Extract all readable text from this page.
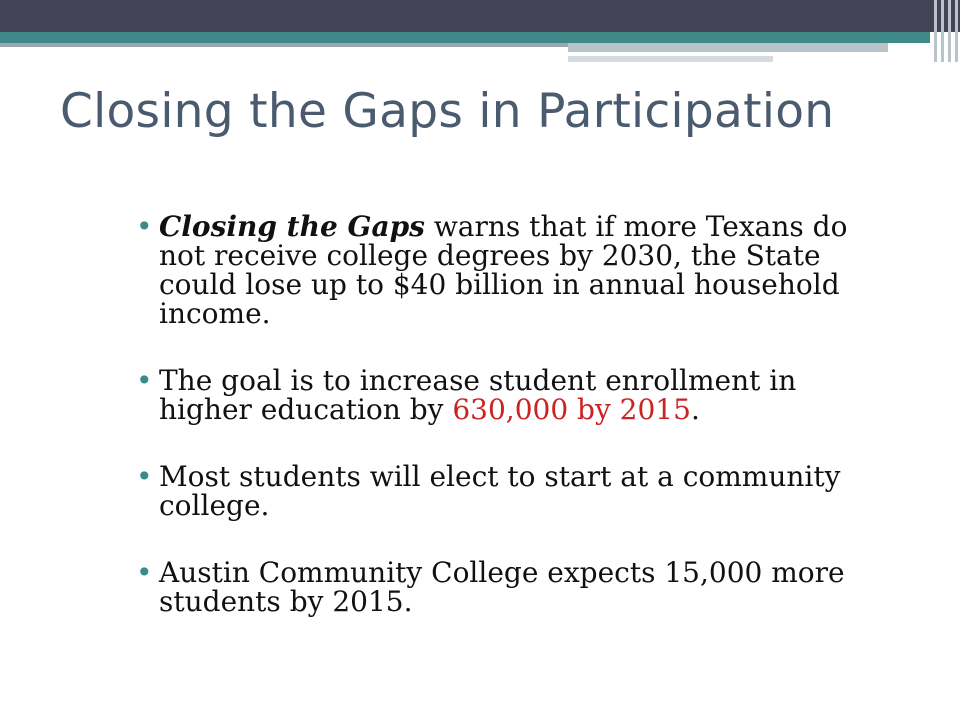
Closing the Gaps in Participation
• Closing the Gaps warns that if more Texans do not receive college degrees by 2030, the State could lose up to $40 billion in annual household income.
• The goal is to increase student enrollment in higher education by 630,000 by 2015.
• Most students will elect to start at a community college.
• Austin Community College expects 15,000 more students by 2015.
